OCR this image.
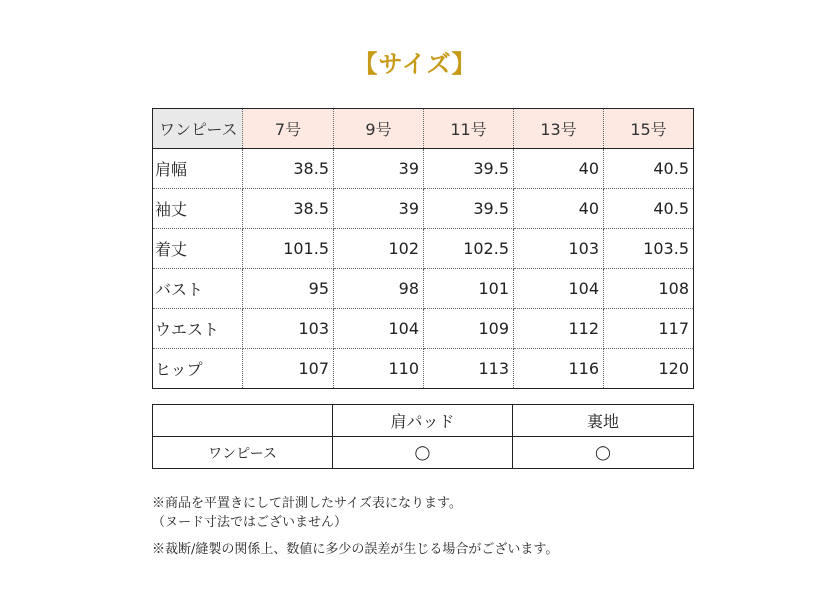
【サイズ】
ワンピース	7号	9号	11号	13号	15号
肩幅	38.5	39	39.5	40	40.5
袖丈	38.5	39	39.5	40	40.5
着丈	101.5	102	102.5	103	103.5
バスト	95	98	101	104	108
ウエスト	103	104	109	112	117
ヒップ	107	110	113	116	120
	肩パッド	裏地
ワンピース	◯	◯

※商品を平置きにして計測したサイズ表になります。

（ヌード寸法ではございません）

※裁断/縫製の関係上、数値に多少の誤差が生じる場合がございます。
